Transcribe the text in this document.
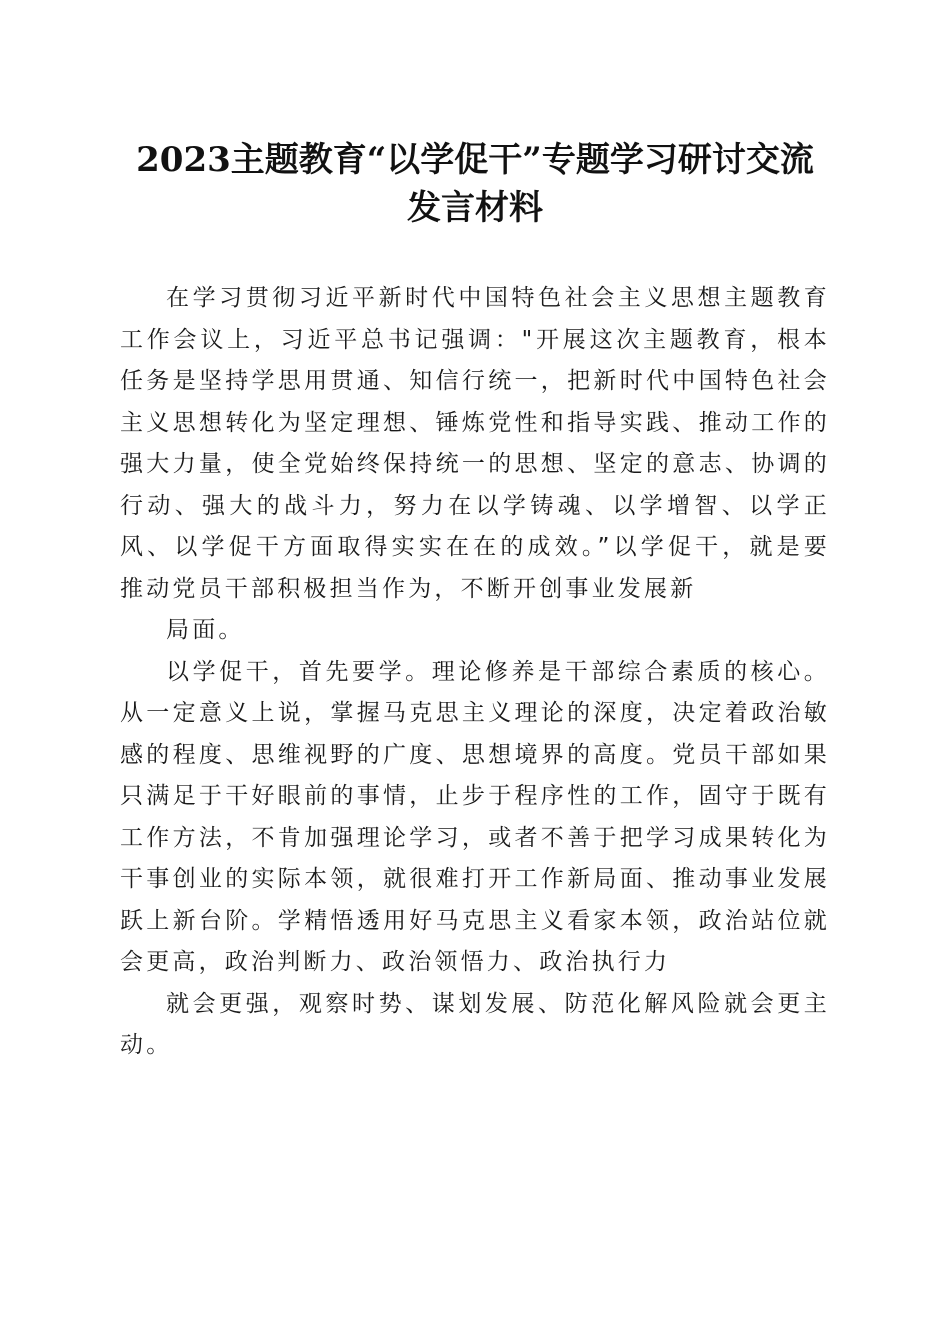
2023主题教育“以学促干”专题学习研讨交流发言材料

在学习贯彻习近平新时代中国特色社会主义思想主题教育工作会议上，习近平总书记强调："开展这次主题教育，根本任务是坚持学思用贯通、知信行统一，把新时代中国特色社会主义思想转化为坚定理想、锤炼党性和指导实践、推动工作的强大力量，使全党始终保持统一的思想、坚定的意志、协调的行动、强大的战斗力，努力在以学铸魂、以学增智、以学正风、以学促干方面取得实实在在的成效。”以学促干，就是要推动党员干部积极担当作为，不断开创事业发展新

局面。

以学促干，首先要学。理论修养是干部综合素质的核心。从一定意义上说，掌握马克思主义理论的深度，决定着政治敏感的程度、思维视野的广度、思想境界的高度。党员干部如果只满足于干好眼前的事情，止步于程序性的工作，固守于既有工作方法，不肯加强理论学习，或者不善于把学习成果转化为干事创业的实际本领，就很难打开工作新局面、推动事业发展跃上新台阶。学精悟透用好马克思主义看家本领，政治站位就会更高，政治判断力、政治领悟力、政治执行力

就会更强，观察时势、谋划发展、防范化解风险就会更主动。
